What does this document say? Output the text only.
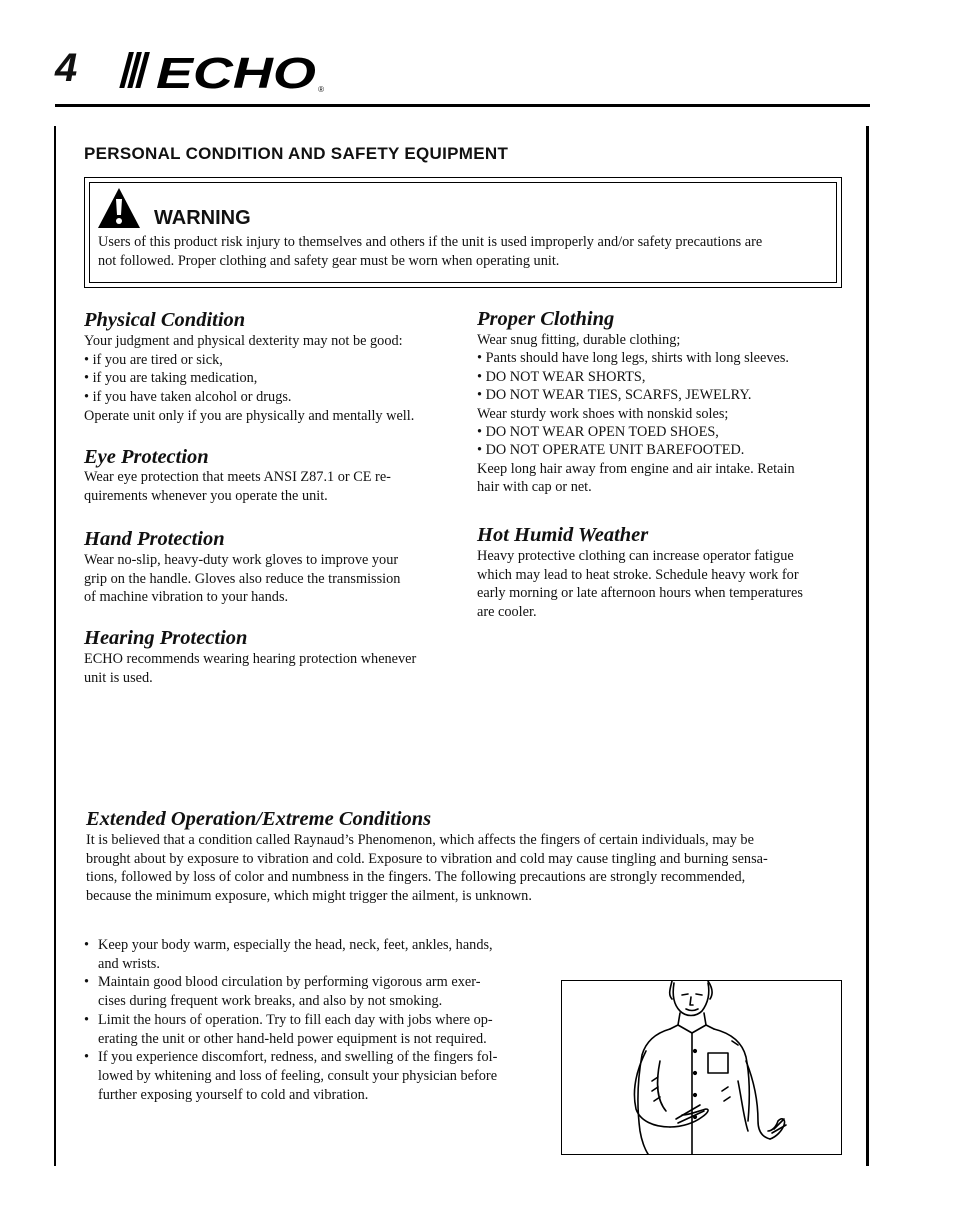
4 ECHO ®
PERSONAL CONDITION AND SAFETY EQUIPMENT
WARNING
Users of this product risk injury to themselves and others if the unit is used improperly and/or safety precautions are
not followed. Proper clothing and safety gear must be worn when operating unit.
Physical Condition
Your judgment and physical dexterity may not be good:
• if you are tired or sick,
• if you are taking medication,
• if you have taken alcohol or drugs.
Operate unit only if you are physically and mentally well.
Eye Protection
Wear eye protection that meets ANSI Z87.1 or CE re-
quirements whenever you operate the unit.
Hand Protection
Wear no-slip, heavy-duty work gloves to improve your
grip on the handle. Gloves also reduce the transmission
of machine vibration to your hands.
Hearing Protection
ECHO recommends wearing hearing protection whenever
unit is used.
Proper Clothing
Wear snug fitting, durable clothing;
• Pants should have long legs, shirts with long sleeves.
• DO NOT WEAR SHORTS,
• DO NOT WEAR TIES, SCARFS, JEWELRY.
Wear sturdy work shoes with nonskid soles;
• DO NOT WEAR OPEN TOED SHOES,
• DO NOT OPERATE UNIT BAREFOOTED.
Keep long hair away from engine and air intake. Retain
hair with cap or net.
Hot Humid Weather
Heavy protective clothing can increase operator fatigue
which may lead to heat stroke. Schedule heavy work for
early morning or late afternoon hours when temperatures
are cooler.
Extended Operation/Extreme Conditions
It is believed that a condition called Raynaud’s Phenomenon, which affects the fingers of certain individuals, may be
brought about by exposure to vibration and cold. Exposure to vibration and cold may cause tingling and burning sensa-
tions, followed by loss of color and numbness in the fingers. The following precautions are strongly recommended,
because the minimum exposure, which might trigger the ailment, is unknown.
• Keep your body warm, especially the head, neck, feet, ankles, hands,
and wrists.
• Maintain good blood circulation by performing vigorous arm exer-
cises during frequent work breaks, and also by not smoking.
• Limit the hours of operation. Try to fill each day with jobs where op-
erating the unit or other hand-held power equipment is not required.
• If you experience discomfort, redness, and swelling of the fingers fol-
lowed by whitening and loss of feeling, consult your physician before
further exposing yourself to cold and vibration.
